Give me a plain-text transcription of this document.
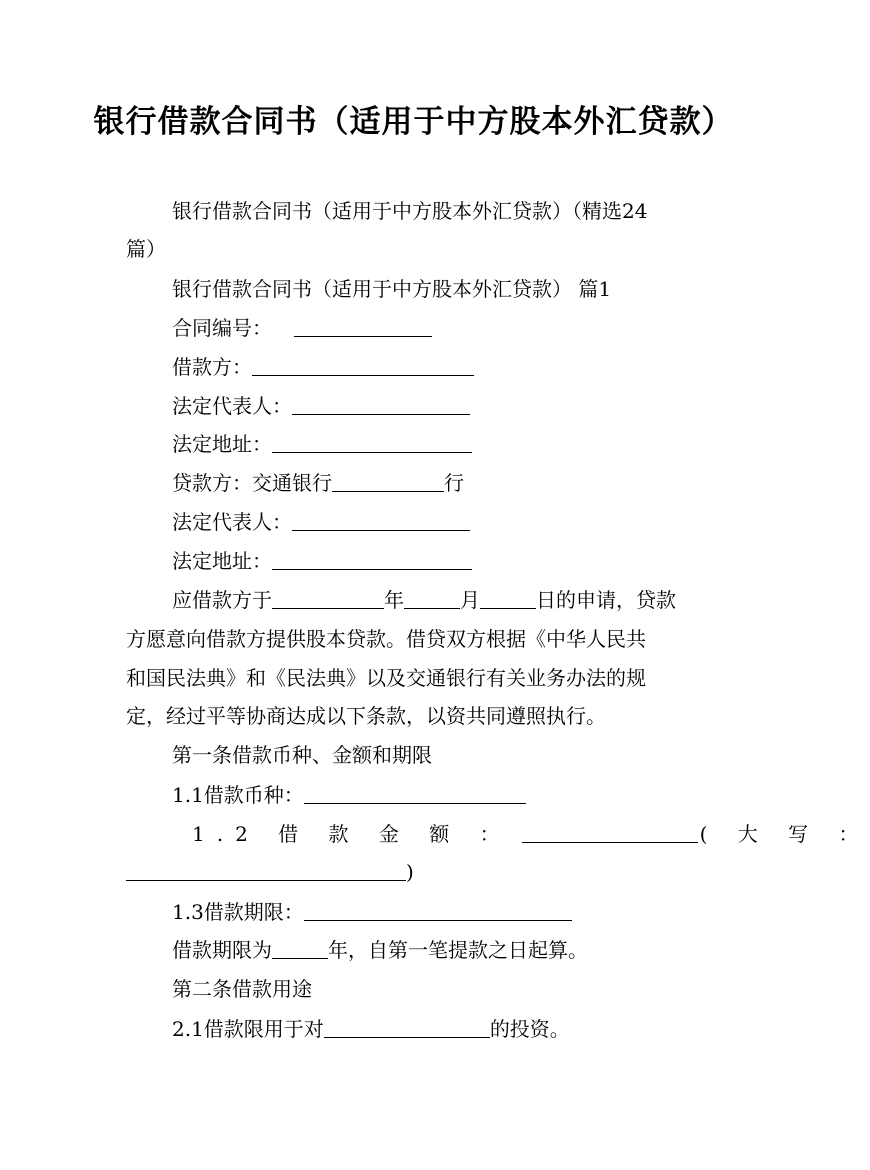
银行借款合同书（适用于中方股本外汇贷款）
银行借款合同书（适用于中方股本外汇贷款）（精选24
篇）
银行借款合同书（适用于中方股本外汇贷款） 篇1
合同编号：
借款方：
法定代表人：
法定地址：
贷款方：交通银行	行
法定代表人：
法定地址：
应借款方于	年	月	日的申请，贷款
方愿意向借款方提供股本贷款。借贷双方根据《中华人民共
和国民法典》和《民法典》以及交通银行有关业务办法的规
定，经过平等协商达成以下条款，以资共同遵照执行。
第一条借款币种、金额和期限
1.1借款币种：
1.2 借 款 金 额 ：	( 大 写 ：
)
1.3借款期限：
借款期限为	年，自第一笔提款之日起算。
第二条借款用途
2.1借款限用于对	的投资。
